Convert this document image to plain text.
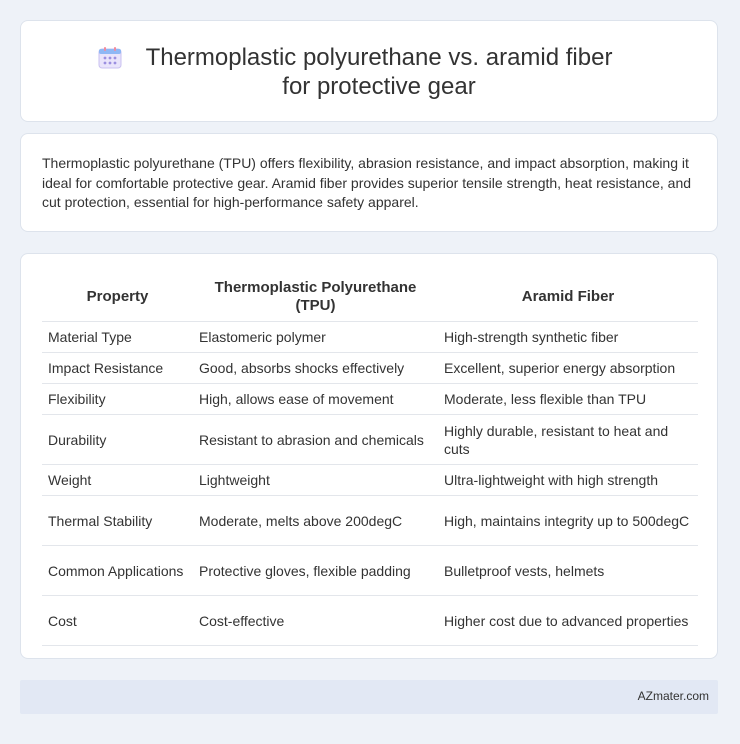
Thermoplastic polyurethane vs. aramid fiber for protective gear

Thermoplastic polyurethane (TPU) offers flexibility, abrasion resistance, and impact absorption, making it ideal for comfortable protective gear. Aramid fiber provides superior tensile strength, heat resistance, and cut protection, essential for high-performance safety apparel.

Property	Thermoplastic Polyurethane (TPU)	Aramid Fiber
Material Type	Elastomeric polymer	High-strength synthetic fiber
Impact Resistance	Good, absorbs shocks effectively	Excellent, superior energy absorption
Flexibility	High, allows ease of movement	Moderate, less flexible than TPU
Durability	Resistant to abrasion and chemicals	Highly durable, resistant to heat and cuts
Weight	Lightweight	Ultra-lightweight with high strength
Thermal Stability	Moderate, melts above 200degC	High, maintains integrity up to 500degC
Common Applications	Protective gloves, flexible padding	Bulletproof vests, helmets
Cost	Cost-effective	Higher cost due to advanced properties
AZmater.com
